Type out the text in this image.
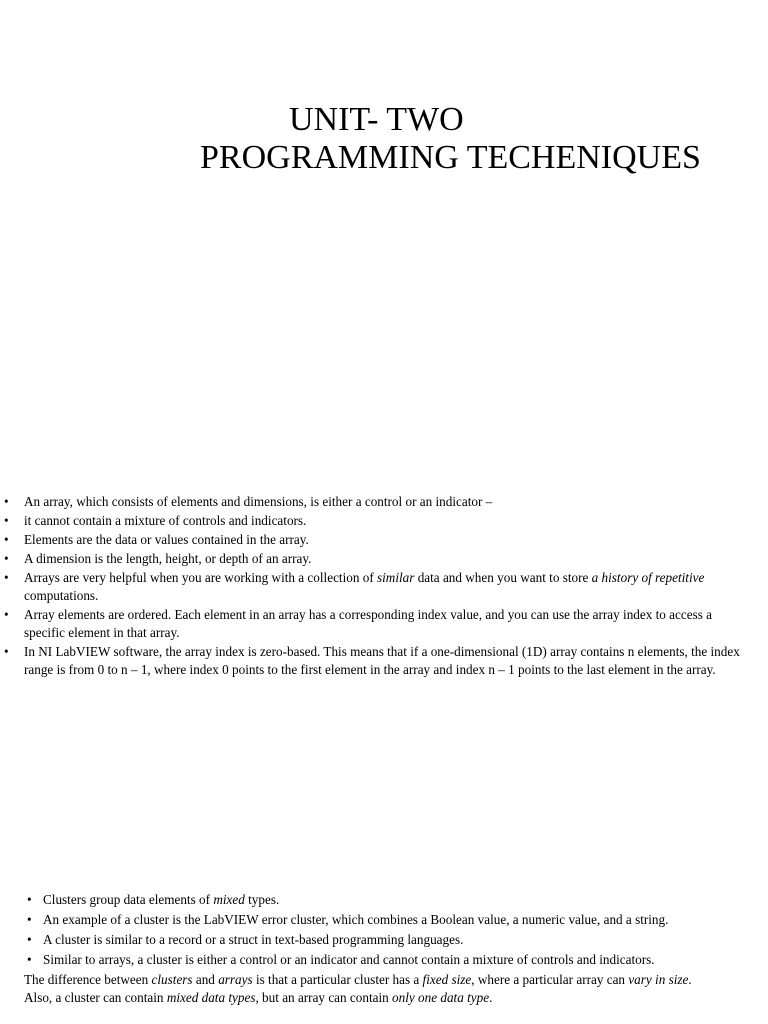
UNIT- TWO
PROGRAMMING TECHENIQUES
• An array, which consists of elements and dimensions, is either a control or an indicator –
• it cannot contain a mixture of controls and indicators.
• Elements are the data or values contained in the array.
• A dimension is the length, height, or depth of an array.
• Arrays are very helpful when you are working with a collection of similar data and when you want to store a history of repetitive computations.
• Array elements are ordered. Each element in an array has a corresponding index value, and you can use the array index to access a specific element in that array.
• In NI LabVIEW software, the array index is zero-based. This means that if a one-dimensional (1D) array contains n elements, the index range is from 0 to n – 1, where index 0 points to the first element in the array and index n – 1 points to the last element in the array.
• Clusters group data elements of mixed types.
• An example of a cluster is the LabVIEW error cluster, which combines a Boolean value, a numeric value, and a string.
• A cluster is similar to a record or a struct in text-based programming languages.
• Similar to arrays, a cluster is either a control or an indicator and cannot contain a mixture of controls and indicators.

The difference between clusters and arrays is that a particular cluster has a fixed size, where a particular array can vary in size.

Also, a cluster can contain mixed data types, but an array can contain only one data type.
